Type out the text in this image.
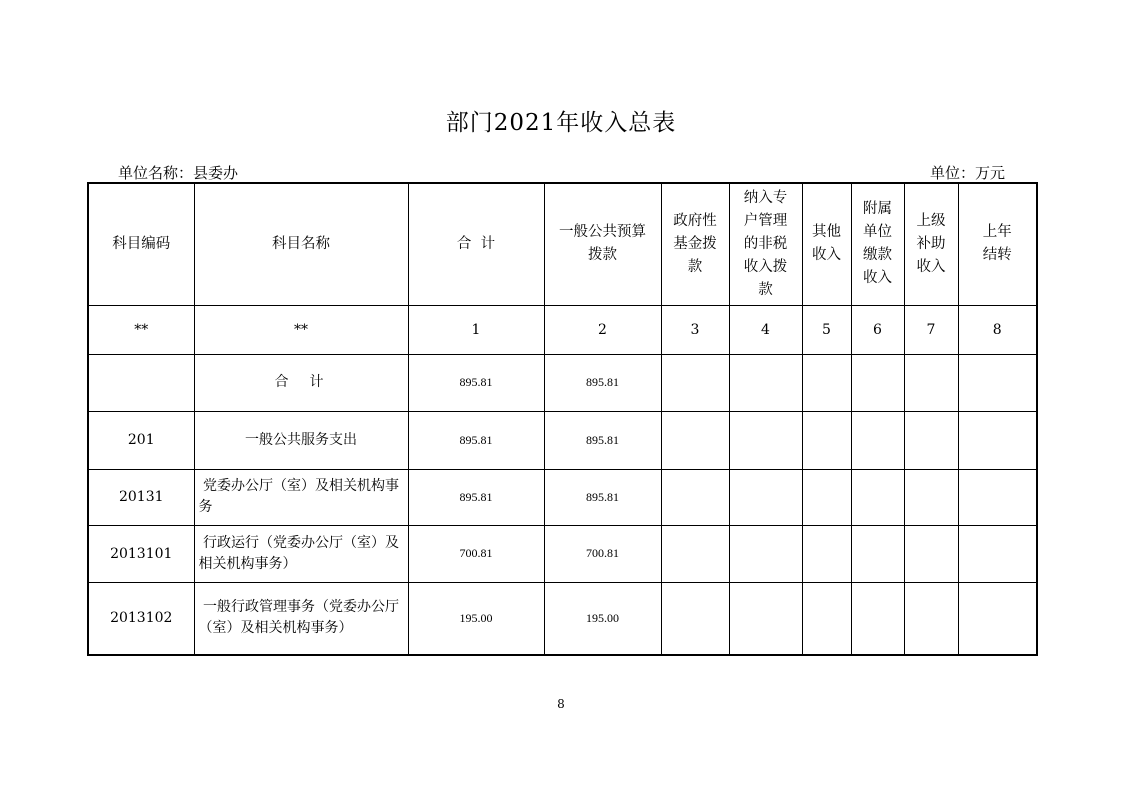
部门2021年收入总表
单位名称：县委办	单位：万元
科目编码	科目名称	合  计	一般公共预算拨款	政府性基金拨款	纳入专户管理的非税收入拨款	其他收入	附属单位缴款收入	上级补助收入	上年结转
**	**	1	2	3	4	5	6	7	8
	合  计	895.81	895.81						
201	一般公共服务支出	895.81	895.81						
20131	党委办公厅（室）及相关机构事务	895.81	895.81						
2013101	行政运行（党委办公厅（室）及相关机构事务）	700.81	700.81						
2013102	一般行政管理事务（党委办公厅（室）及相关机构事务）	195.00	195.00						
8
